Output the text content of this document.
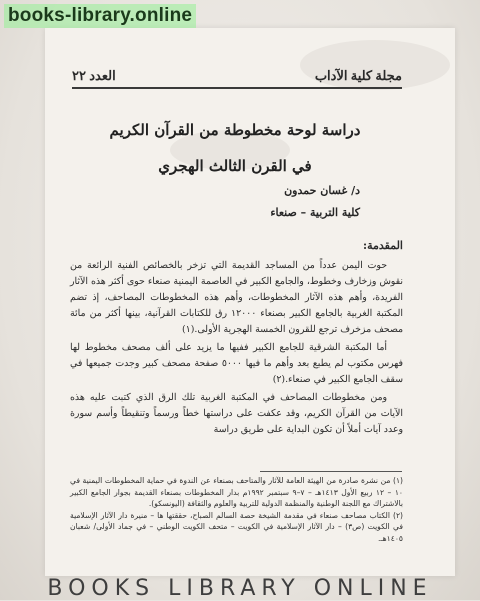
books-library.online
مجلة كلية الآداب
العدد ٢٢
دراسة لوحة مخطوطة من القرآن الكريم
في القرن الثالث الهجري
د/ غسان حمدون
كلية التربية – صنعاء
المقدمة:

حوت اليمن عدداً من المساجد القديمة التي تزخر بالخصائص الفنية الرائعة من نقوش وزخارف وخطوط، والجامع الكبير في العاصمة اليمنية صنعاء حوى أكثر هذه الآثار الفريدة، وأهم هذه الآثار المخطوطات، وأهم هذه المخطوطات المصاحف، إذ تضم المكتبة الغربية بالجامع الكبير بصنعاء ١٢٠٠٠ رق للكتابات القرآنية، بينها أكثر من مائة مصحف مزخرف ترجع للقرون الخمسة الهجرية الأولى.(١)

أما المكتبة الشرقية للجامع الكبير ففيها ما يزيد على ألف مصحف مخطوط لها فهرس مكتوب لم يطبع بعد وأهم ما فيها ٥٠٠٠ صفحة مصحف كبير وجدت جميعها في سقف الجامع الكبير في صنعاء.(٢)

ومن مخطوطات المصاحف في المكتبة الغربية تلك الرق الذي كتبت عليه هذه الآيات من القرآن الكريم، وقد عكفت على دراستها خطاً ورسماً وتنقيطاً وأسم سورة وعدد آيات أملاً أن تكون البداية على طريق دراسة

(١) من نشرة صادرة من الهيئة العامة للآثار والمتاحف بصنعاء عن الندوة في حماية المخطوطات اليمنية في ١٠ – ١٢ ربيع الأول ١٤١٣هـ – ٧–٩ سبتمبر ١٩٩٢م بدار المخطوطات بصنعاء القديمة بجوار الجامع الكبير بالاشتراك مع اللجنة الوطنية والمنظمة الدولية للتربية والعلوم والثقافة (اليونسكو).

(٢) الكتاب مصاحف صنعاء في مقدمة الشيخة حصة السالم الصباح، حققتها ها – منيرة دار الآثار الإسلامية في الكويت (ص٣) – دار الآثار الإسلامية في الكويت – متحف الكويت الوطني – في جماد الأولى/ شعبان ١٤٠٥هـ.

BOOKS LIBRARY ONLINE
